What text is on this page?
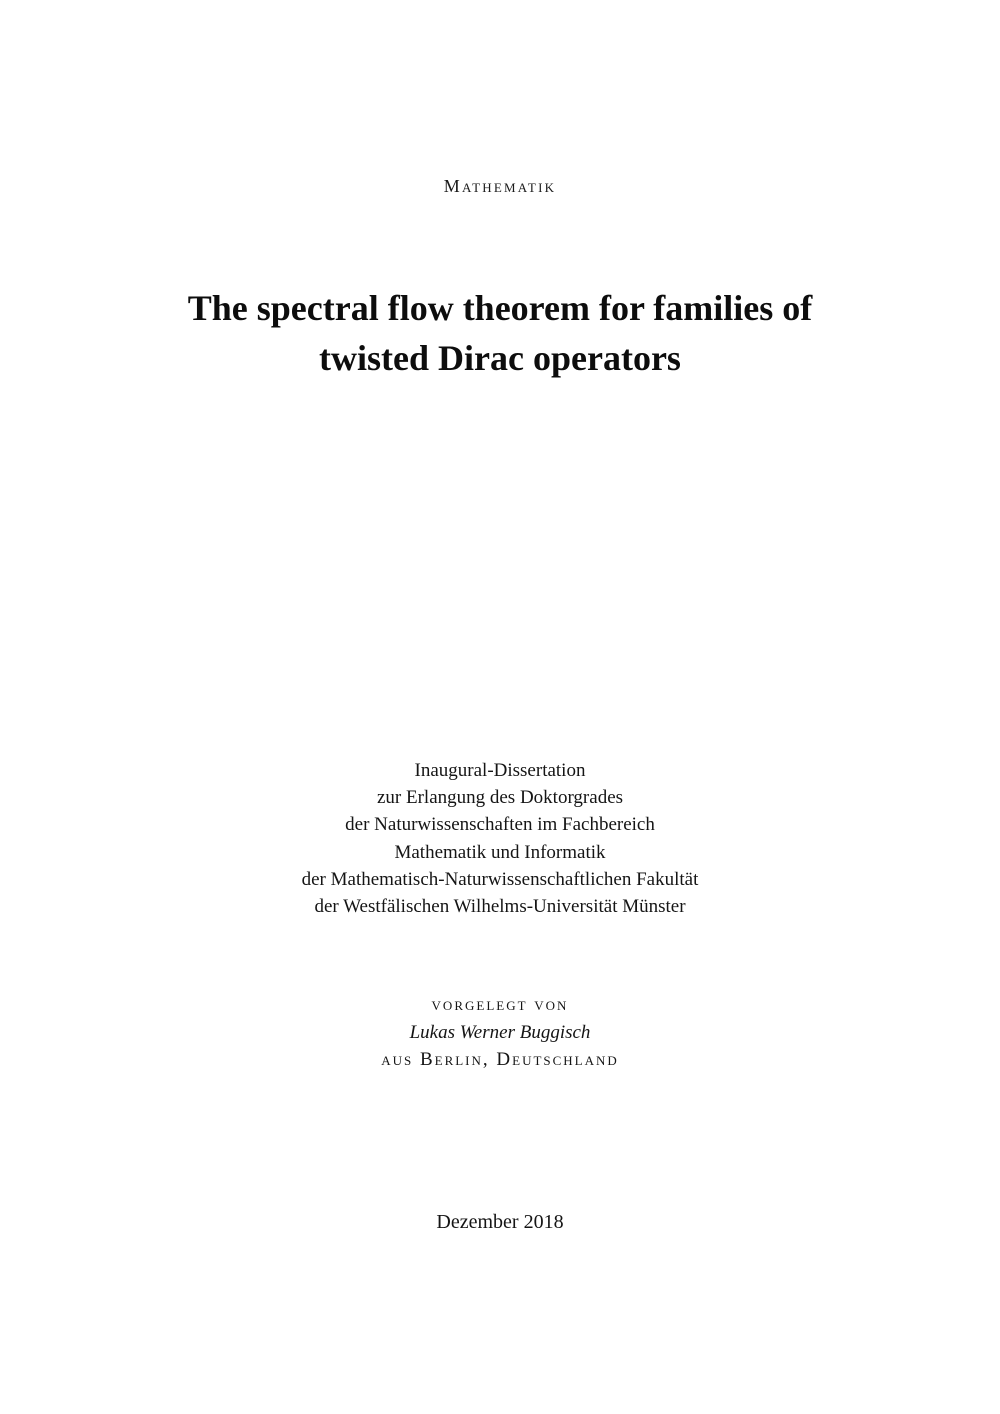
Mathematik
The spectral flow theorem for families of
twisted Dirac operators
Inaugural-Dissertation
zur Erlangung des Doktorgrades
der Naturwissenschaften im Fachbereich
Mathematik und Informatik
der Mathematisch-Naturwissenschaftlichen Fakultät
der Westfälischen Wilhelms-Universität Münster
vorgelegt von
Lukas Werner Buggisch
aus Berlin, Deutschland
Dezember 2018
